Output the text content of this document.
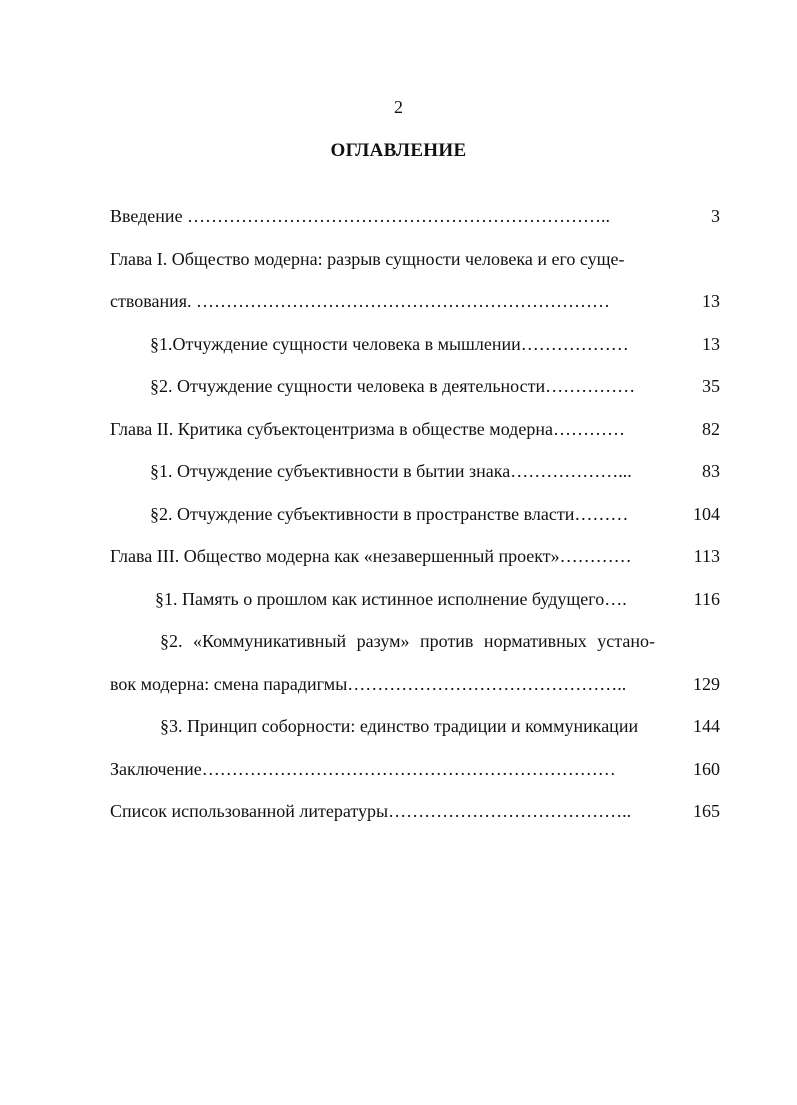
2
ОГЛАВЛЕНИЕ
Введение ……………………………………………………………..	3
Глава I. Общество модерна: разрыв сущности человека и его суще-
ствования. ……………………………………………………………	13
§1.Отчуждение сущности человека в мышлении………………	13
§2. Отчуждение сущности человека в деятельности……………	35
Глава II. Критика субъектоцентризма в обществе модерна…………	82
§1. Отчуждение субъективности в бытии знака………………...	83
§2. Отчуждение субъективности в пространстве власти………	104
Глава III. Общество модерна как «незавершенный проект»…………	113
§1. Память о прошлом как истинное исполнение будущего….	116
§2. «Коммуникативный разум» против нормативных устано-
вок модерна: смена парадигмы………………………………………..	129
§3. Принцип соборности: единство традиции и коммуникации	144
Заключение……………………………………………………………	160
Список использованной литературы…………………………………..	165
